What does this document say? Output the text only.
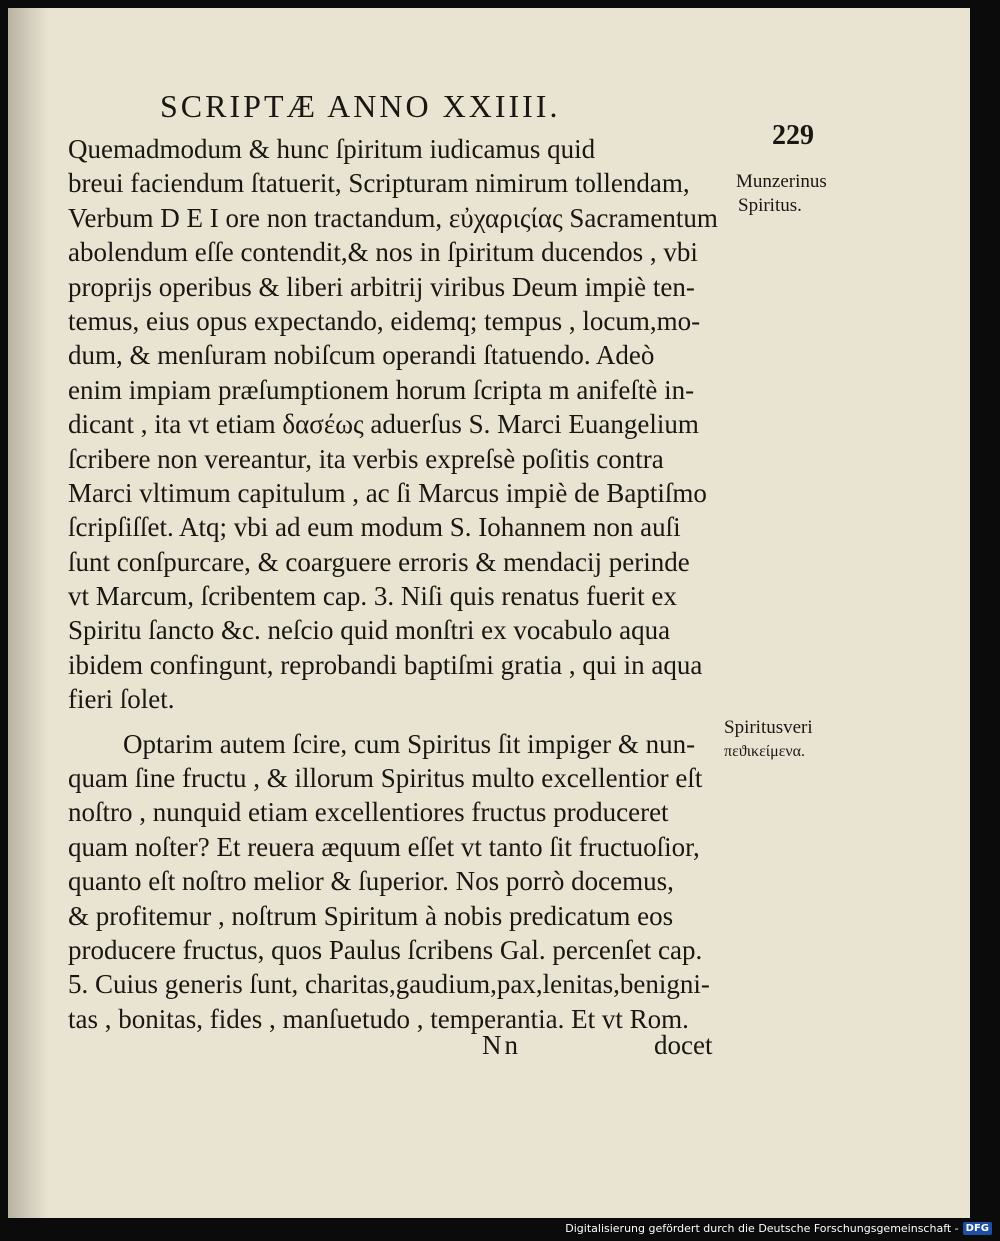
SCRIPTÆ ANNO XXIIII.
229
Quemadmodum & hunc ſpiritum iudicamus quid
breui faciendum ſtatuerit, Scripturam nimirum tollendam,
Verbum D E I ore non tractandum, εὐχαριςίας Sacramentum
abolendum eſſe contendit,& nos in ſpiritum ducendos , vbi
proprijs operibus & liberi arbitrij viribus Deum impiè ten-
temus, eius opus expectando, eidemq; tempus , locum,mo-
dum, & menſuram nobiſcum operandi ſtatuendo. Adeò
enim impiam præſumptionem horum ſcripta m anifeſtè in-
dicant , ita vt etiam δασέως aduerſus S. Marci Euangelium
ſcribere non vereantur, ita verbis expreſsè poſitis contra
Marci vltimum capitulum , ac ſi Marcus impiè de Baptiſmo
ſcripſiſſet. Atq; vbi ad eum modum S. Iohannem non auſi
ſunt conſpurcare, & coarguere erroris & mendacij perinde
vt Marcum, ſcribentem cap. 3. Niſi quis renatus fuerit ex
Spiritu ſancto &c. neſcio quid monſtri ex vocabulo aqua
ibidem confingunt, reprobandi baptiſmi gratia , qui in aqua
fieri ſolet.
Optarim autem ſcire, cum Spiritus ſit impiger & nun-
quam ſine fructu , & illorum Spiritus multo excellentior eſt
noſtro , nunquid etiam excellentiores fructus produceret
quam noſter? Et reuera æquum eſſet vt tanto ſit fructuoſior,
quanto eſt noſtro melior & ſuperior. Nos porrò docemus,
& profitemur , noſtrum Spiritum à nobis predicatum eos
producere fructus, quos Paulus ſcribens Gal. percenſet cap.
5. Cuius generis ſunt, charitas,gaudium,pax,lenitas,benigni-
tas , bonitas, fides , manſuetudo , temperantia. Et vt Rom.
Munzerinus
Spiritus.
Spiritusveri
πεϑικείμενα.
Nn	docet
Digitalisierung gefördert durch die Deutsche Forschungsgemeinschaft - DFG
